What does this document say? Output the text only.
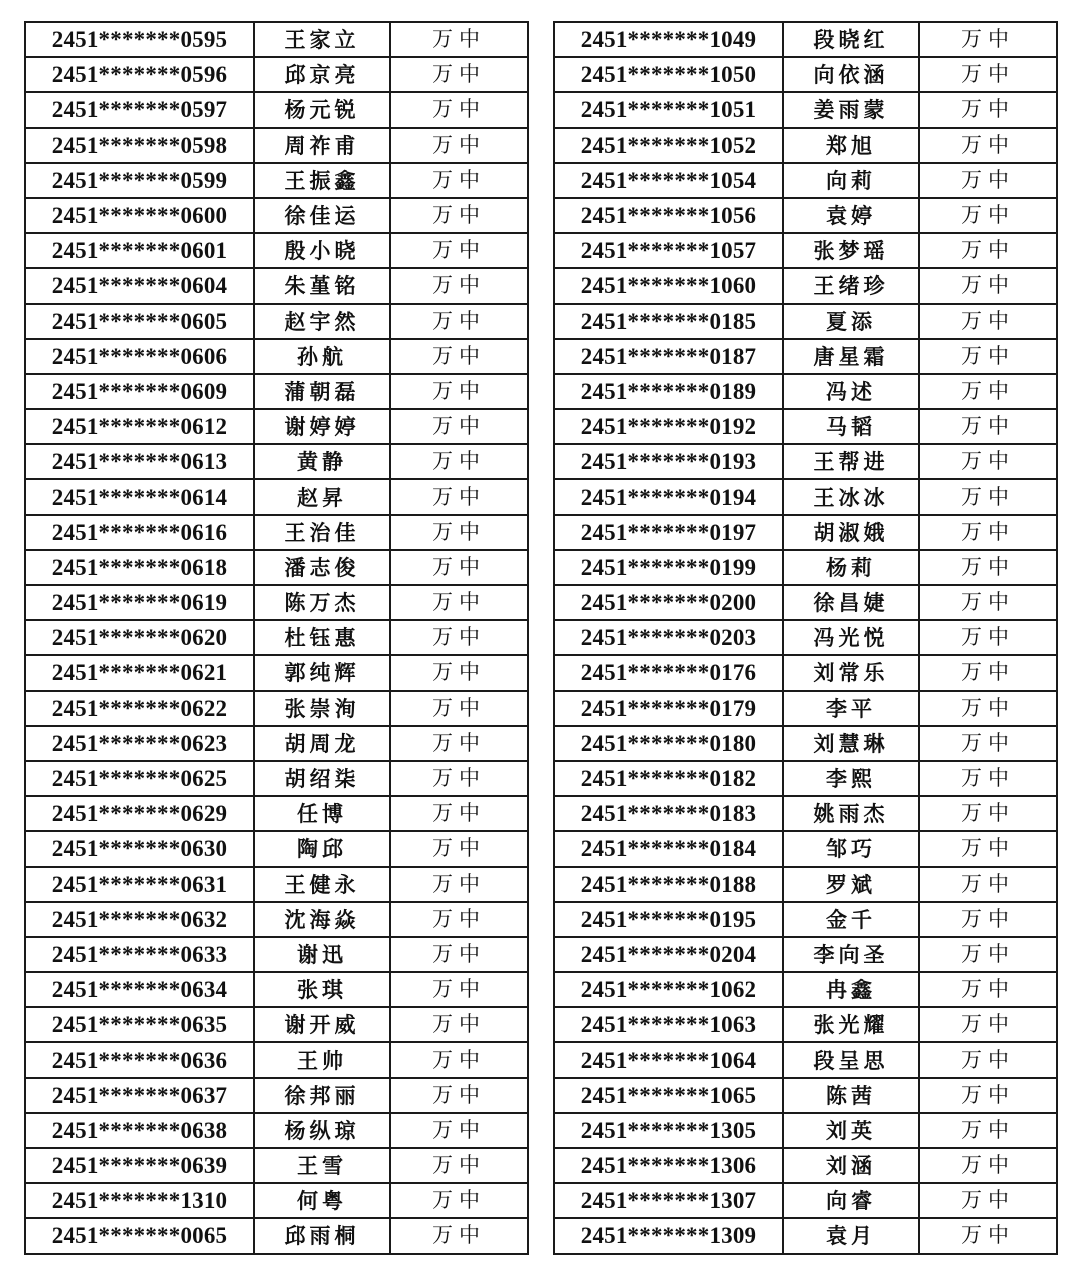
2451*******0595	王家立	万中
2451*******0596	邱京亮	万中
2451*******0597	杨元锐	万中
2451*******0598	周祚甫	万中
2451*******0599	王振鑫	万中
2451*******0600	徐佳运	万中
2451*******0601	殷小晓	万中
2451*******0604	朱堇铭	万中
2451*******0605	赵宇然	万中
2451*******0606	孙航	万中
2451*******0609	蒲朝磊	万中
2451*******0612	谢婷婷	万中
2451*******0613	黄静	万中
2451*******0614	赵昇	万中
2451*******0616	王治佳	万中
2451*******0618	潘志俊	万中
2451*******0619	陈万杰	万中
2451*******0620	杜钰惠	万中
2451*******0621	郭纯辉	万中
2451*******0622	张崇洵	万中
2451*******0623	胡周龙	万中
2451*******0625	胡绍柒	万中
2451*******0629	任博	万中
2451*******0630	陶邱	万中
2451*******0631	王健永	万中
2451*******0632	沈海焱	万中
2451*******0633	谢迅	万中
2451*******0634	张琪	万中
2451*******0635	谢开威	万中
2451*******0636	王帅	万中
2451*******0637	徐邦丽	万中
2451*******0638	杨纵琼	万中
2451*******0639	王雪	万中
2451*******1310	何粤	万中
2451*******0065	邱雨桐	万中
2451*******1049	段晓红	万中
2451*******1050	向依涵	万中
2451*******1051	姜雨蒙	万中
2451*******1052	郑旭	万中
2451*******1054	向莉	万中
2451*******1056	袁婷	万中
2451*******1057	张梦瑶	万中
2451*******1060	王绪珍	万中
2451*******0185	夏添	万中
2451*******0187	唐星霜	万中
2451*******0189	冯述	万中
2451*******0192	马韬	万中
2451*******0193	王帮进	万中
2451*******0194	王冰冰	万中
2451*******0197	胡淑娥	万中
2451*******0199	杨莉	万中
2451*******0200	徐昌婕	万中
2451*******0203	冯光悦	万中
2451*******0176	刘常乐	万中
2451*******0179	李平	万中
2451*******0180	刘慧琳	万中
2451*******0182	李熙	万中
2451*******0183	姚雨杰	万中
2451*******0184	邹巧	万中
2451*******0188	罗斌	万中
2451*******0195	金千	万中
2451*******0204	李向圣	万中
2451*******1062	冉鑫	万中
2451*******1063	张光耀	万中
2451*******1064	段呈思	万中
2451*******1065	陈茜	万中
2451*******1305	刘英	万中
2451*******1306	刘涵	万中
2451*******1307	向睿	万中
2451*******1309	袁月	万中
